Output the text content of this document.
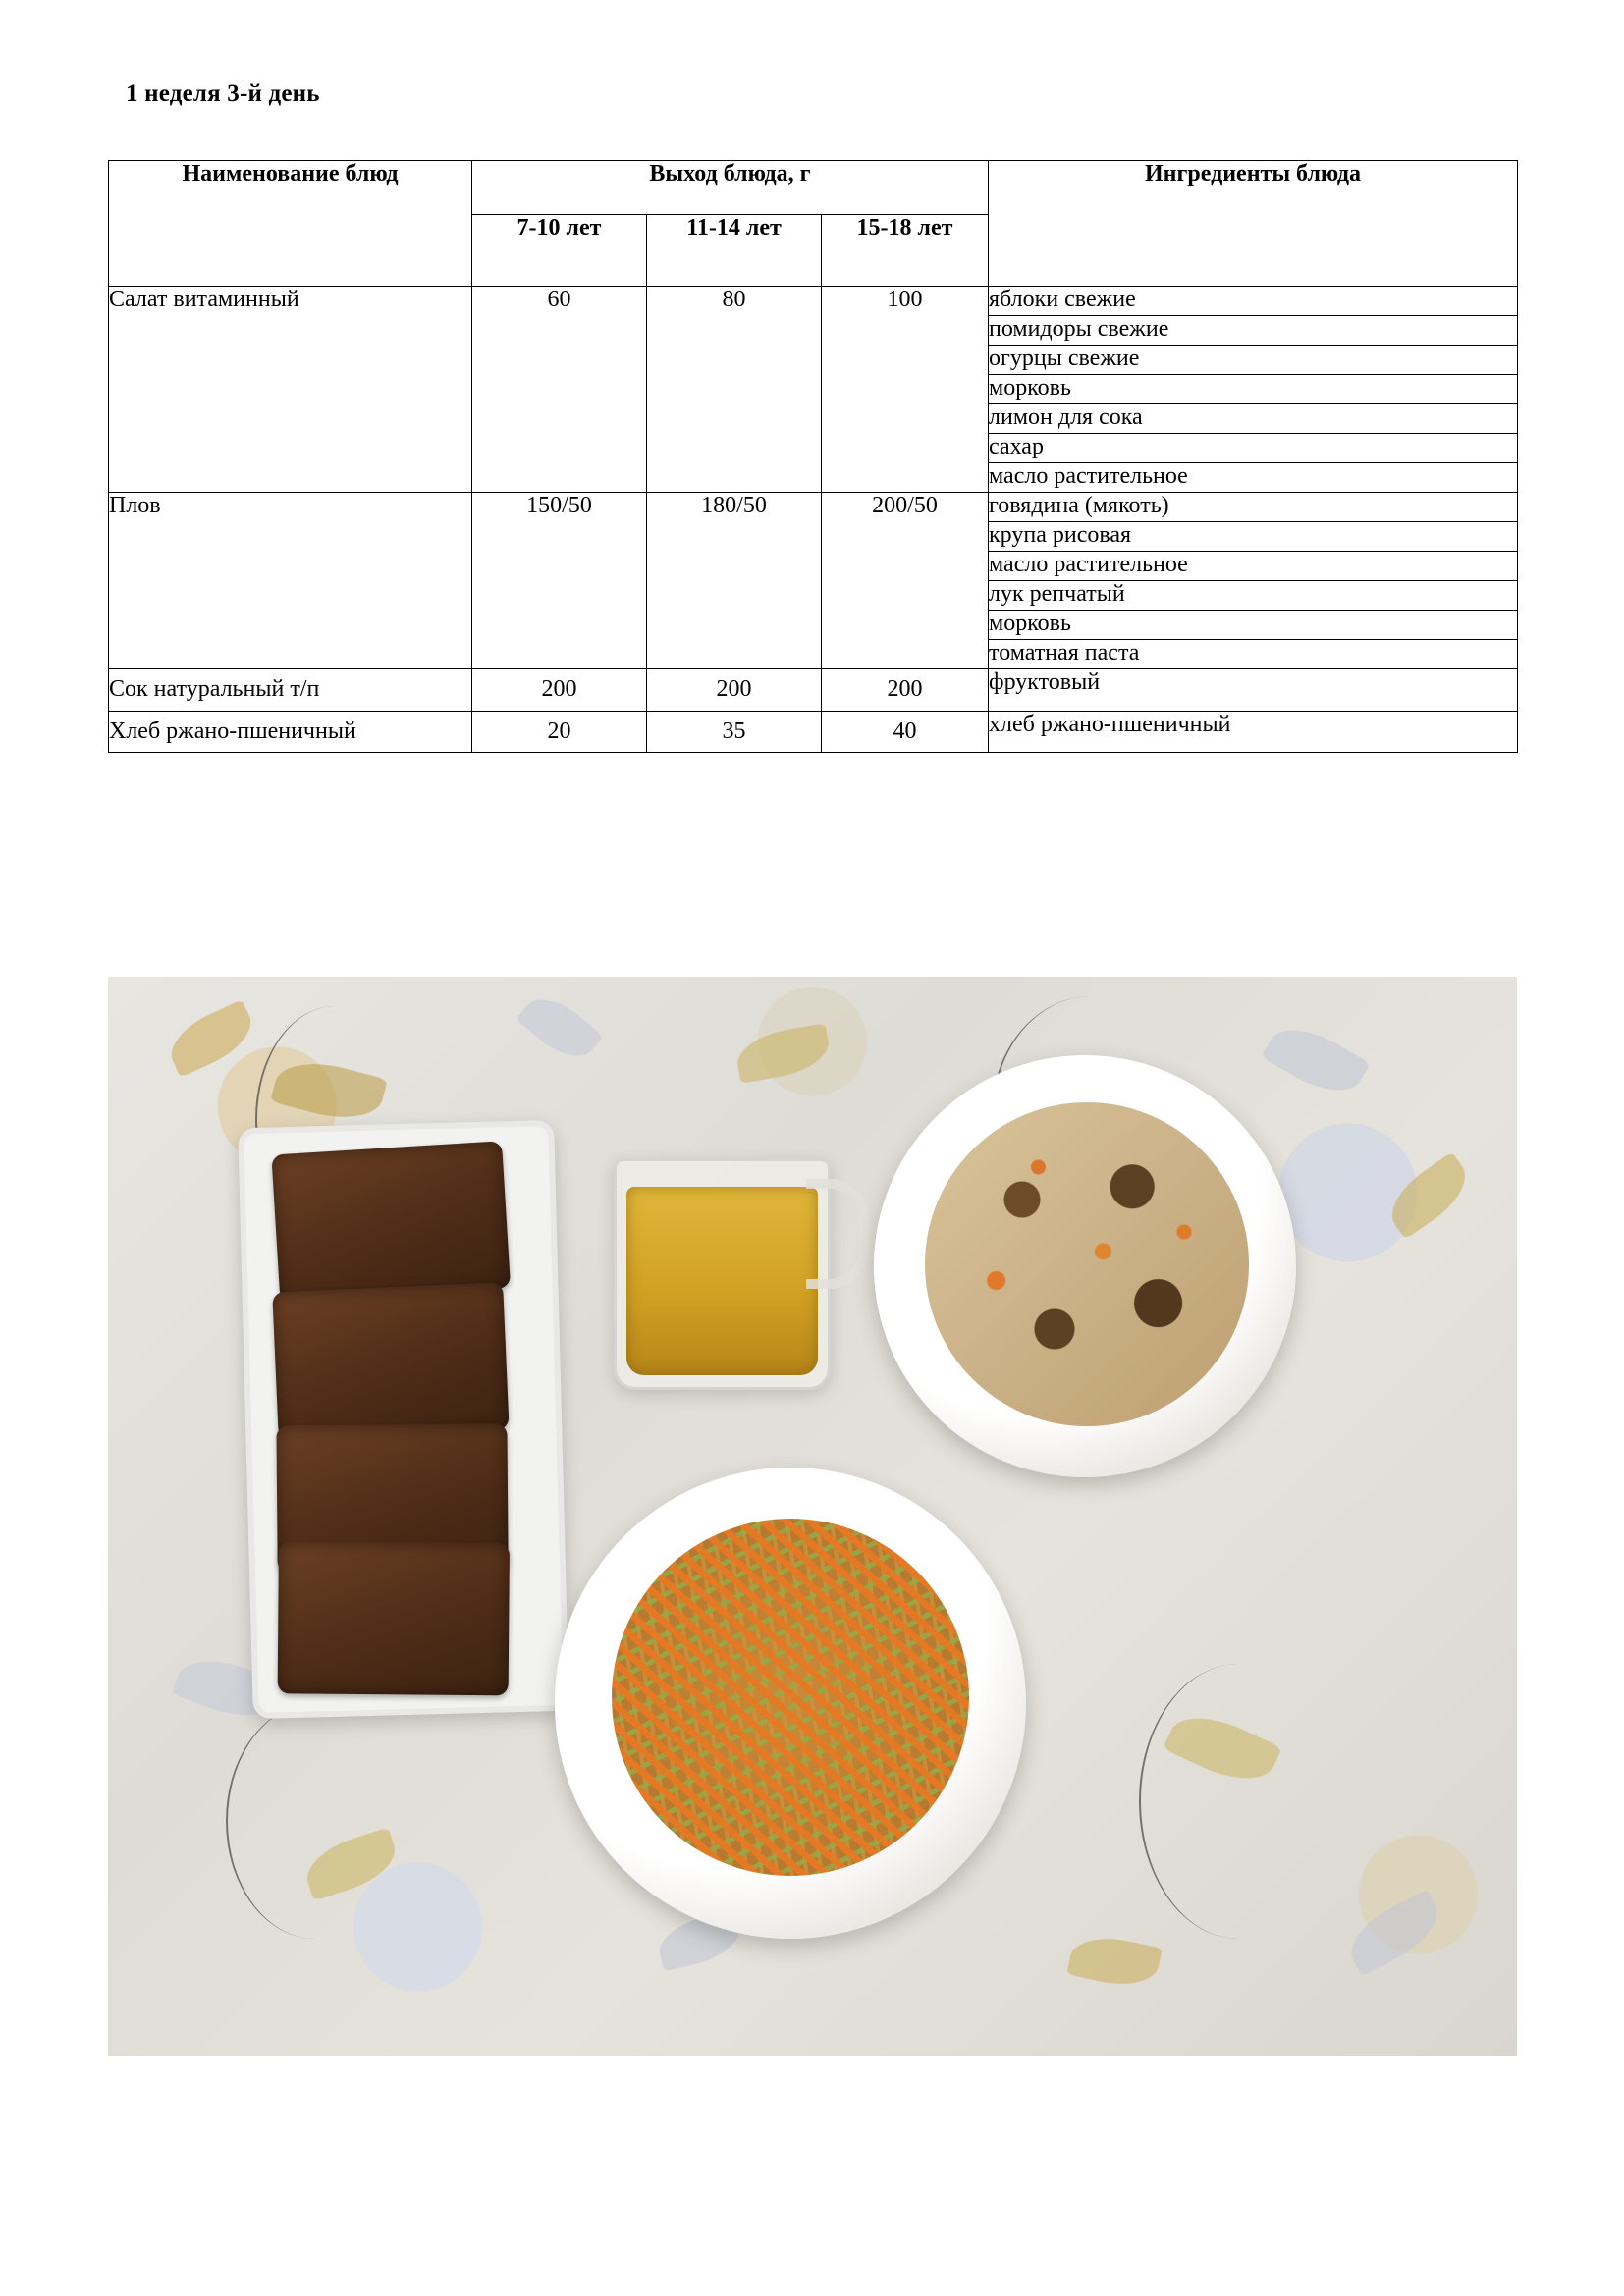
1 неделя 3-й день
Наименование блюд	Выход блюда, г			Ингредиенты блюда
	7-10 лет	11-14 лет	15-18 лет	
Салат витаминный	60	80	100	яблоки свежие
				помидоры свежие
				огурцы свежие
				морковь
				лимон для сока
				сахар
				масло растительное
Плов	150/50	180/50	200/50	говядина (мякоть)
				крупа рисовая
				масло растительное
				лук репчатый
				морковь
				томатная паста
Сок натуральный т/п	200	200	200	фруктовый
Хлеб ржано-пшеничный	20	35	40	хлеб ржано-пшеничный
